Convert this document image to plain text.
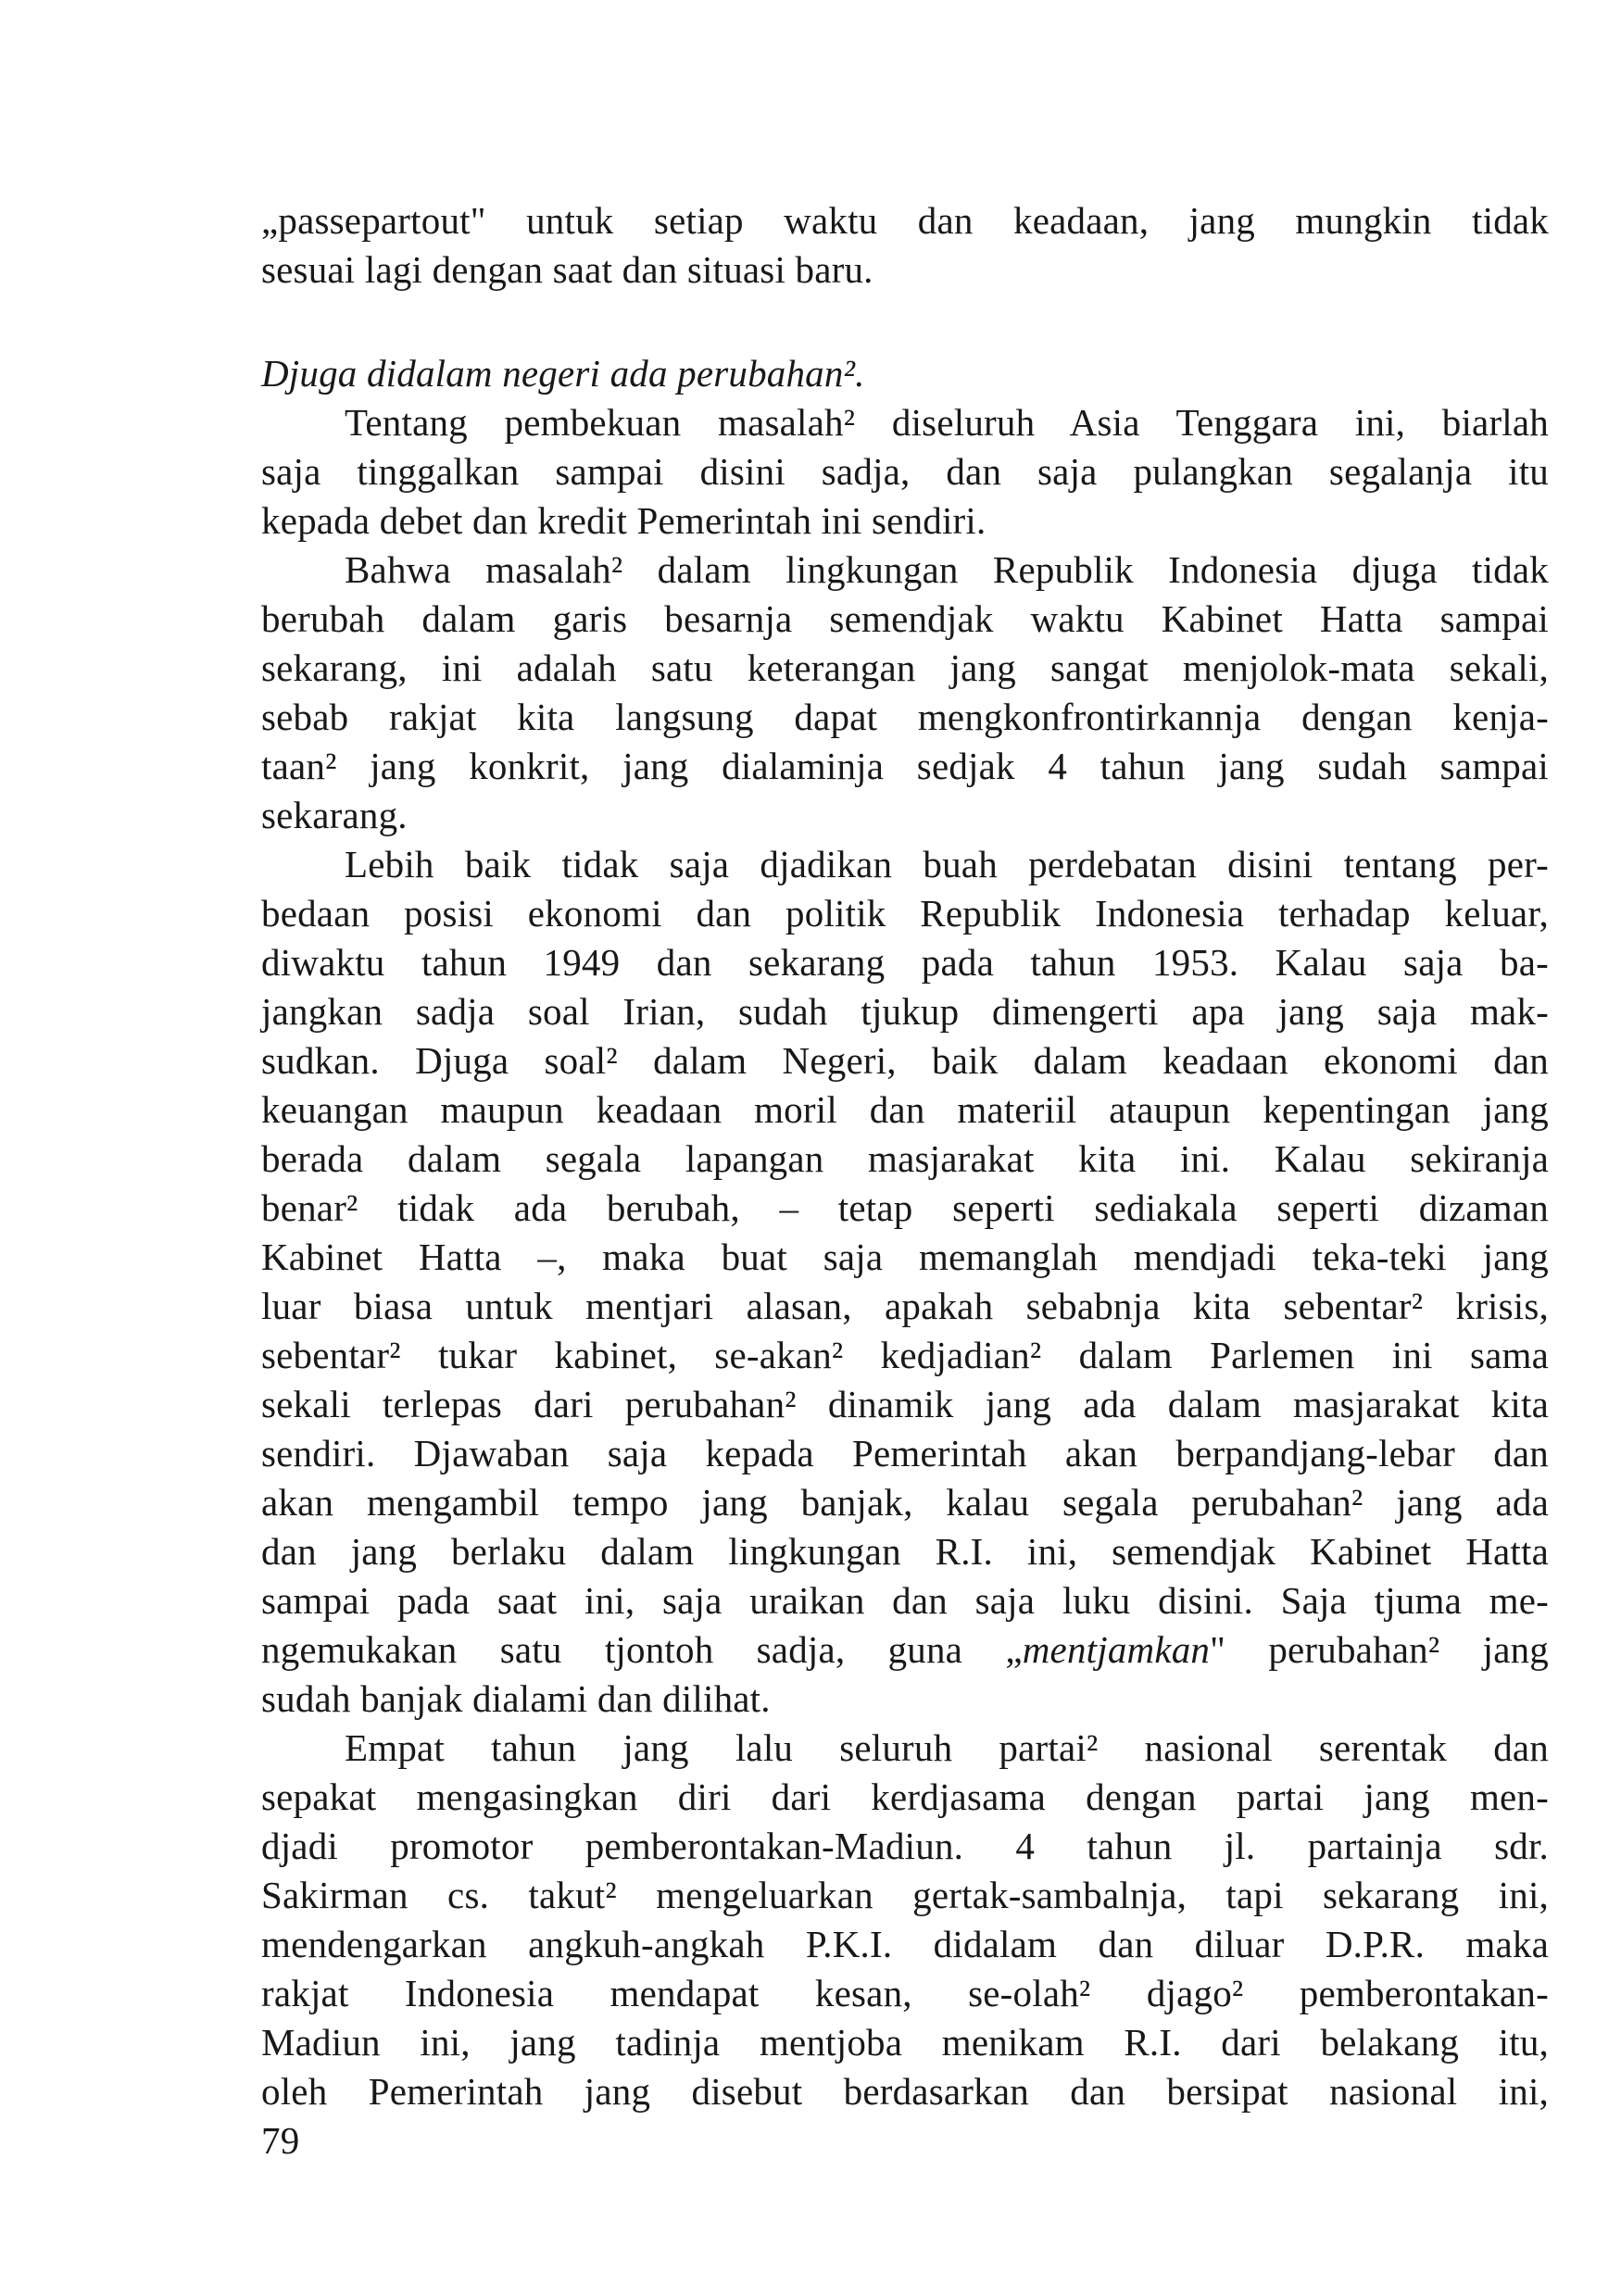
„passepartout" untuk setiap waktu dan keadaan, jang mungkin tidak
sesuai lagi dengan saat dan situasi baru.
Djuga didalam negeri ada perubahan².
Tentang pembekuan masalah² diseluruh Asia Tenggara ini, biarlah
saja tinggalkan sampai disini sadja, dan saja pulangkan segalanja itu
kepada debet dan kredit Pemerintah ini sendiri.
Bahwa masalah² dalam lingkungan Republik Indonesia djuga tidak
berubah dalam garis besarnja semendjak waktu Kabinet Hatta sampai
sekarang, ini adalah satu keterangan jang sangat menjolok-mata sekali,
sebab rakjat kita langsung dapat mengkonfrontirkannja dengan kenja-
taan² jang konkrit, jang dialaminja sedjak 4 tahun jang sudah sampai
sekarang.
Lebih baik tidak saja djadikan buah perdebatan disini tentang per-
bedaan posisi ekonomi dan politik Republik Indonesia terhadap keluar,
diwaktu tahun 1949 dan sekarang pada tahun 1953. Kalau saja ba-
jangkan sadja soal Irian, sudah tjukup dimengerti apa jang saja mak-
sudkan. Djuga soal² dalam Negeri, baik dalam keadaan ekonomi dan
keuangan maupun keadaan moril dan materiil ataupun kepentingan jang
berada dalam segala lapangan masjarakat kita ini. Kalau sekiranja
benar² tidak ada berubah, – tetap seperti sediakala seperti dizaman
Kabinet Hatta –, maka buat saja memanglah mendjadi teka-teki jang
luar biasa untuk mentjari alasan, apakah sebabnja kita sebentar² krisis,
sebentar² tukar kabinet, se-akan² kedjadian² dalam Parlemen ini sama
sekali terlepas dari perubahan² dinamik jang ada dalam masjarakat kita
sendiri. Djawaban saja kepada Pemerintah akan berpandjang-lebar dan
akan mengambil tempo jang banjak, kalau segala perubahan² jang ada
dan jang berlaku dalam lingkungan R.I. ini, semendjak Kabinet Hatta
sampai pada saat ini, saja uraikan dan saja luku disini. Saja tjuma me-
ngemukakan satu tjontoh sadja, guna „mentjamkan" perubahan² jang
sudah banjak dialami dan dilihat.
Empat tahun jang lalu seluruh partai² nasional serentak dan
sepakat mengasingkan diri dari kerdjasama dengan partai jang men-
djadi promotor pemberontakan-Madiun. 4 tahun jl. partainja sdr.
Sakirman cs. takut² mengeluarkan gertak-sambalnja, tapi sekarang ini,
mendengarkan angkuh-angkah P.K.I. didalam dan diluar D.P.R. maka
rakjat Indonesia mendapat kesan, se-olah² djago² pemberontakan-
Madiun ini, jang tadinja mentjoba menikam R.I. dari belakang itu,
oleh Pemerintah jang disebut berdasarkan dan bersipat nasional ini,
79
